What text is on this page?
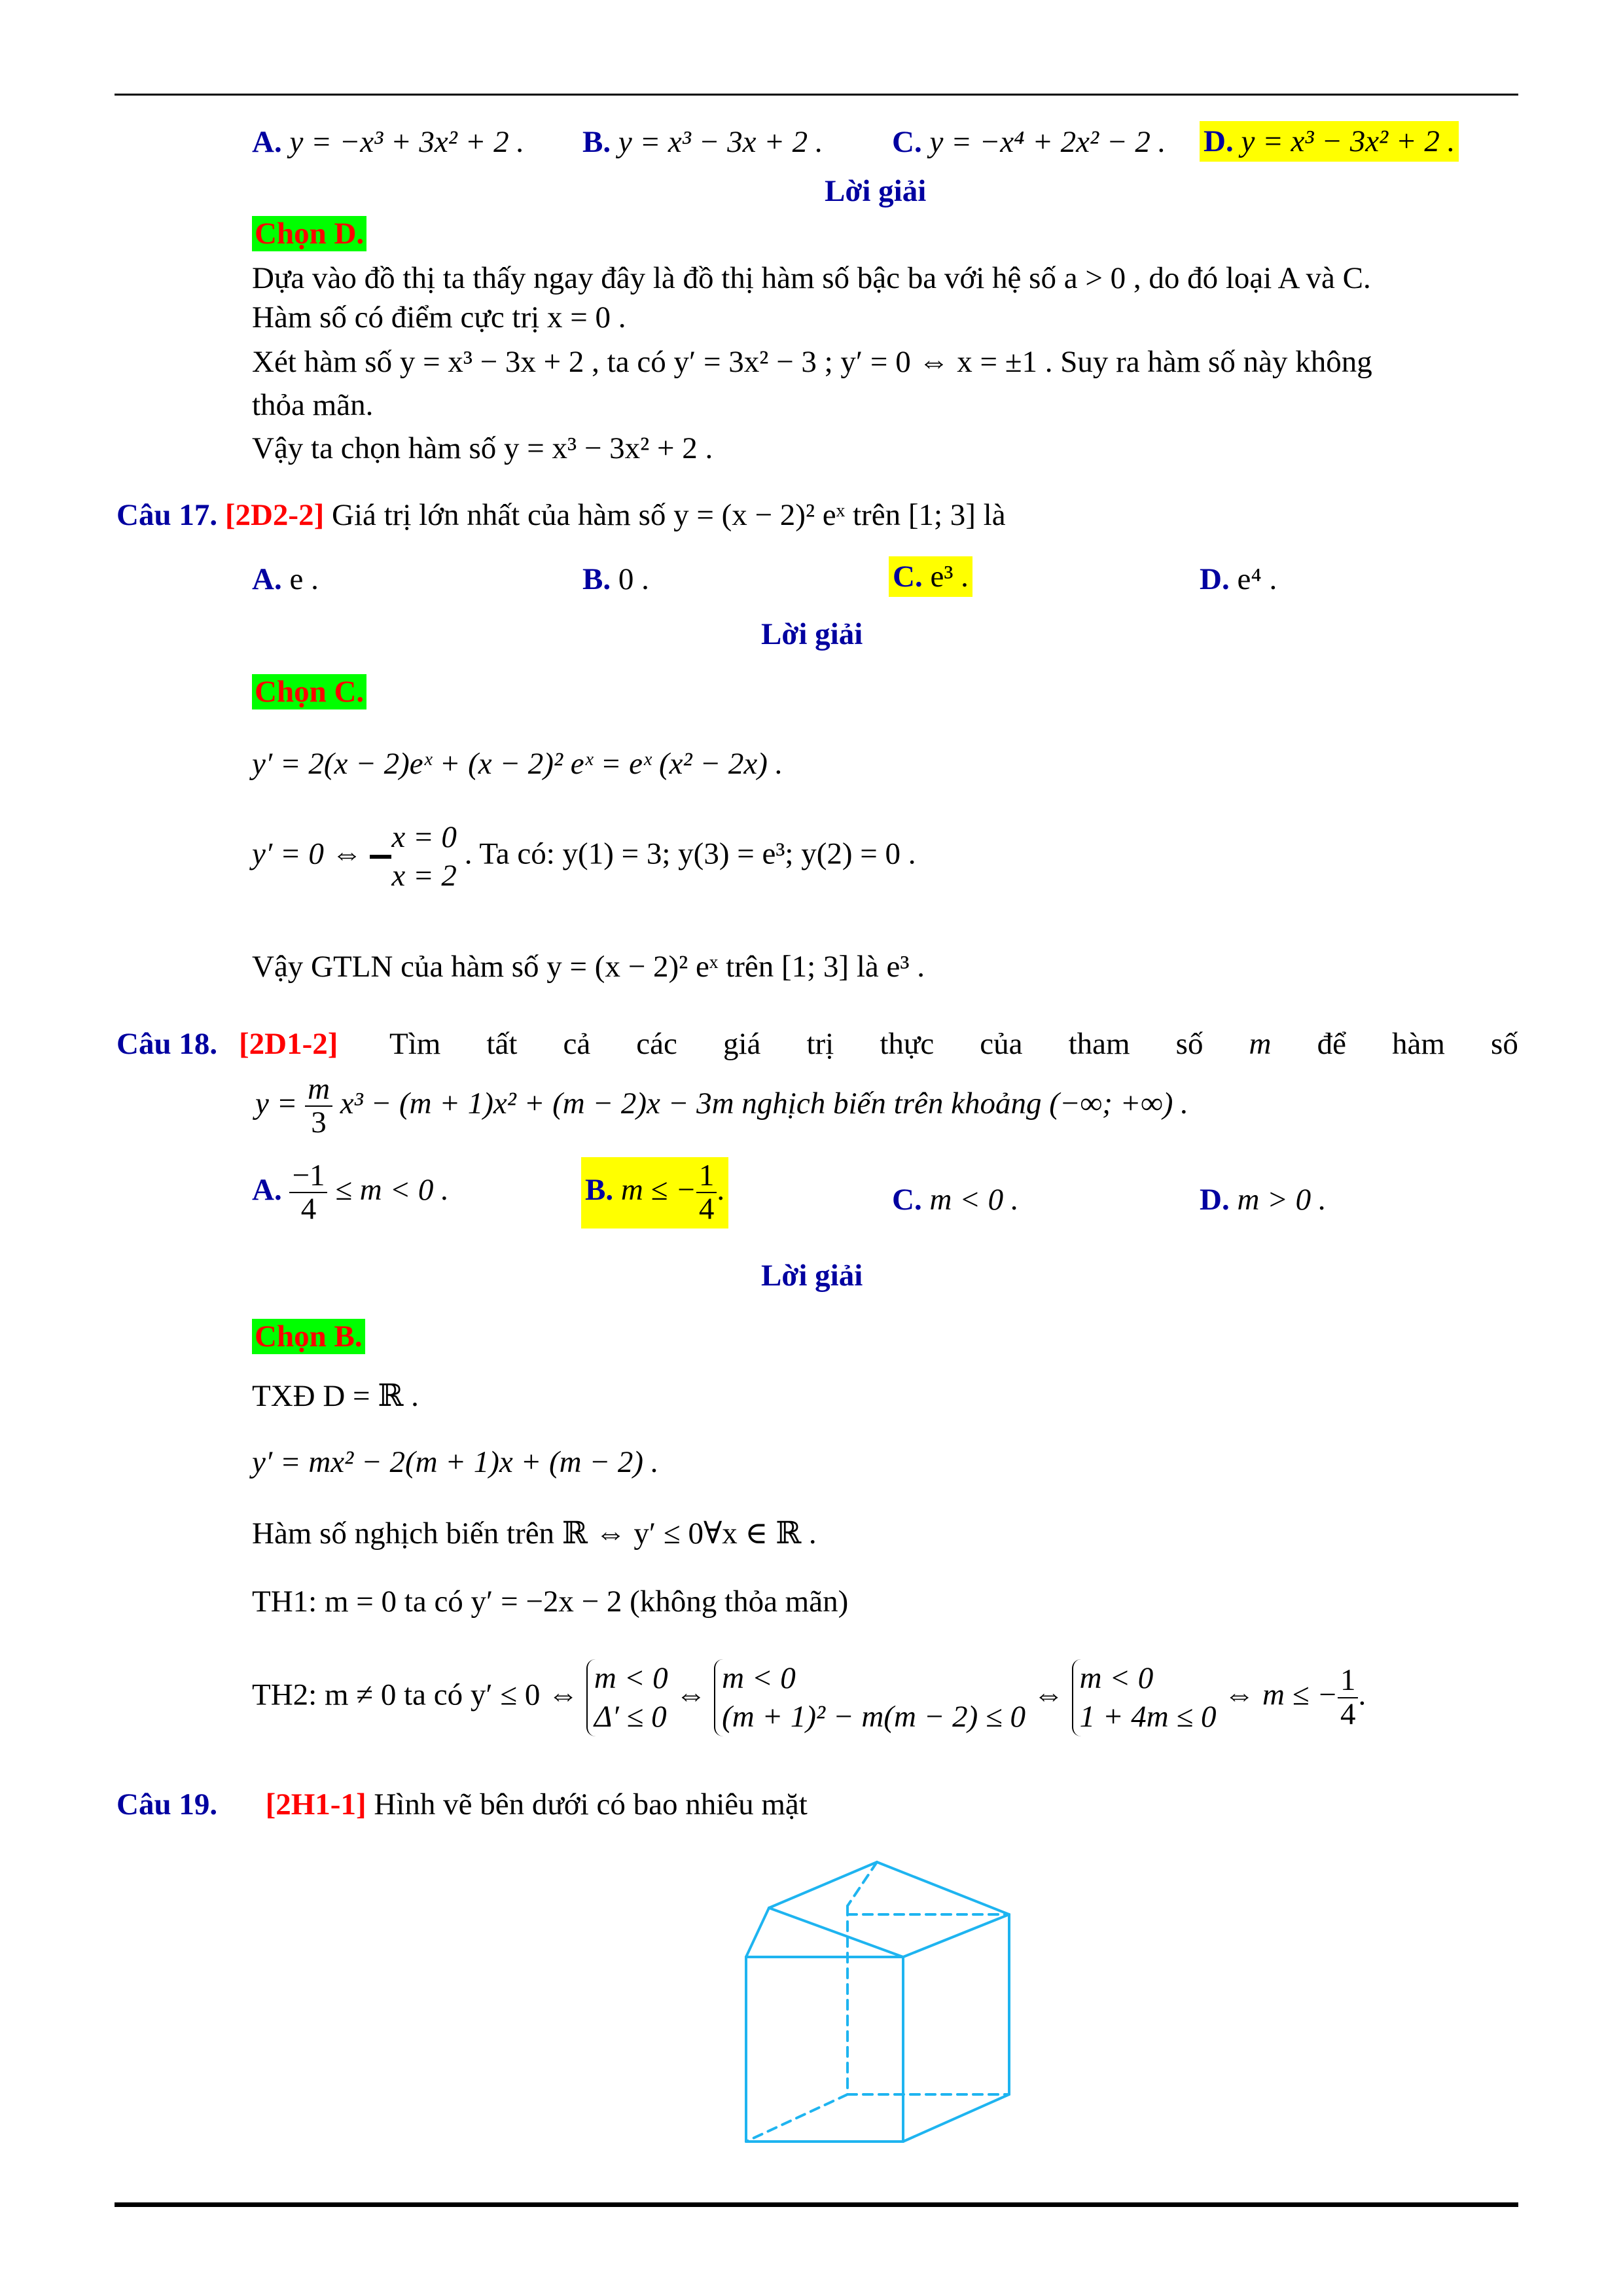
A. y = −x³ + 3x² + 2 . B. y = x³ − 3x + 2 . C. y = −x⁴ + 2x² − 2 . D. y = x³ − 3x² + 2 .
Lời giải
Chọn D.
Dựa vào đồ thị ta thấy ngay đây là đồ thị hàm số bậc ba với hệ số a > 0 , do đó loại A và C.
Hàm số có điểm cực trị x = 0 .
Xét hàm số y = x³ − 3x + 2 , ta có y′ = 3x² − 3 ; y′ = 0 ⇔ x = ±1 . Suy ra hàm số này không
thỏa mãn.
Vậy ta chọn hàm số y = x³ − 3x² + 2 .
Câu 17. [2D2-2] Giá trị lớn nhất của hàm số y = (x − 2)² eˣ trên [1; 3] là
A. e .	B. 0 .	C. e³ .	D. e⁴ .
Lời giải
Chọn C.
y′ = 2(x − 2)eˣ + (x − 2)² eˣ = eˣ (x² − 2x) .
y′ = 0 ⇔ x = 0
x = 2
. Ta có: y(1) = 3; y(3) = e³; y(2) = 0 .
Vậy GTLN của hàm số y = (x − 2)² eˣ trên [1; 3] là e³ .
Câu 18. [2D1-2] Tìm tất cả các giá trị thực của tham số m để hàm số
$y = \frac{m}{3} x^3 - (m + 1)x^2 + (m - 2)x - 3m$ nghịch biến trên khoảng (−∞; +∞) .
A. $\frac{-1}{4} \le m < 0$ .	B. m ≤ − $\frac{1}{4}$ .	C. m < 0 .	D. m > 0 .
Lời giải
Chọn B.
TXĐ D = ℝ .
y′ = mx² − 2(m + 1)x + (m − 2) .
Hàm số nghịch biến trên ℝ ⇔ y′ ≤ 0∀x ∈ ℝ .
TH1: m = 0 ta có y′ = −2x − 2 (không thỏa mãn)
TH2: m ≠ 0 ta có y′ ≤ 0 ⇔ m < 0
Δ′ ≤ 0
⇔ m < 0
(m + 1)² − m(m − 2) ≤ 0
⇔ m < 0
1 + 4m ≤ 0
⇔ m ≤ − $\frac{1}{4}$ .
Câu 19. [2H1-1] Hình vẽ bên dưới có bao nhiêu mặt
